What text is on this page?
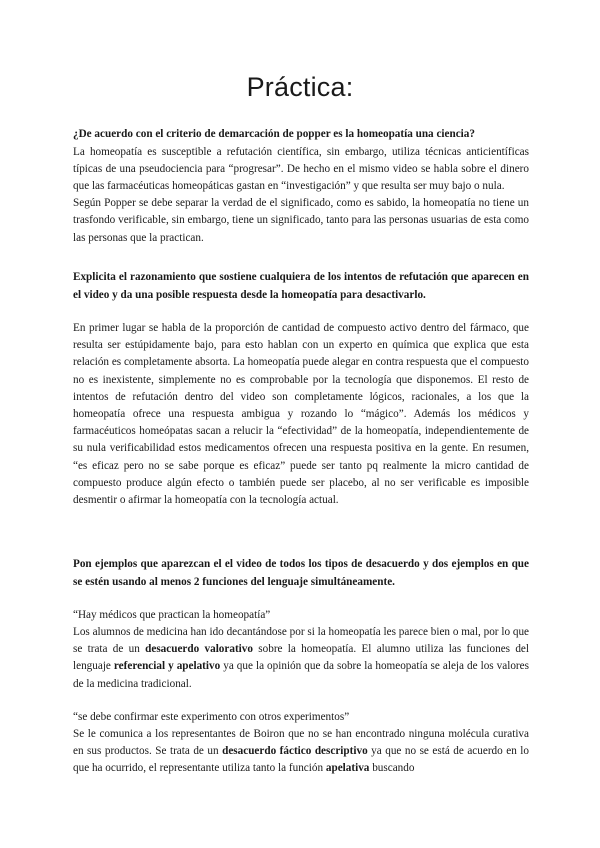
Práctica:

¿De acuerdo con el criterio de demarcación de popper es la homeopatía una ciencia?

La homeopatía es susceptible a refutación científica, sin embargo, utiliza técnicas anticientíficas típicas de una pseudociencia para “progresar”. De hecho en el mismo video se habla sobre el dinero que las farmacéuticas homeopáticas gastan en “investigación” y que resulta ser muy bajo o nula.

Según Popper se debe separar la verdad de el significado, como es sabido, la homeopatía no tiene un trasfondo verificable, sin embargo, tiene un significado, tanto para las personas usuarias de esta como las personas que la practican.

Explicita el razonamiento que sostiene cualquiera de los intentos de refutación que aparecen en el video y da una posible respuesta desde la homeopatía para desactivarlo.

En primer lugar se habla de la proporción de cantidad de compuesto activo dentro del fármaco, que resulta ser estúpidamente bajo, para esto hablan con un experto en química que explica que esta relación es completamente absorta. La homeopatía puede alegar en contra respuesta que el compuesto no es inexistente, simplemente no es comprobable por la tecnología que disponemos. El resto de intentos de refutación dentro del video son completamente lógicos, racionales, a los que la homeopatía ofrece una respuesta ambigua y rozando lo “mágico”. Además los médicos y farmacéuticos homeópatas sacan a relucir la “efectividad” de la homeopatía, independientemente de su nula verificabilidad estos medicamentos ofrecen una respuesta positiva en la gente. En resumen, “es eficaz pero no se sabe porque es eficaz” puede ser tanto pq realmente la micro cantidad de compuesto produce algún efecto o también puede ser placebo, al no ser verificable es imposible desmentir o afirmar la homeopatía con la tecnología actual.

Pon ejemplos que aparezcan el el video de todos los tipos de desacuerdo y dos ejemplos en que se estén usando al menos 2 funciones del lenguaje simultáneamente.

“Hay médicos que practican la homeopatía”

Los alumnos de medicina han ido decantándose por si la homeopatía les parece bien o mal, por lo que se trata de un desacuerdo valorativo sobre la homeopatía. El alumno utiliza las funciones del lenguaje referencial y apelativo ya que la opinión que da sobre la homeopatía se aleja de los valores de la medicina tradicional.

“se debe confirmar este experimento con otros experimentos”

Se le comunica a los representantes de Boiron que no se han encontrado ninguna molécula curativa en sus productos. Se trata de un desacuerdo fáctico descriptivo ya que no se está de acuerdo en lo que ha ocurrido, el representante utiliza tanto la función apelativa buscando
